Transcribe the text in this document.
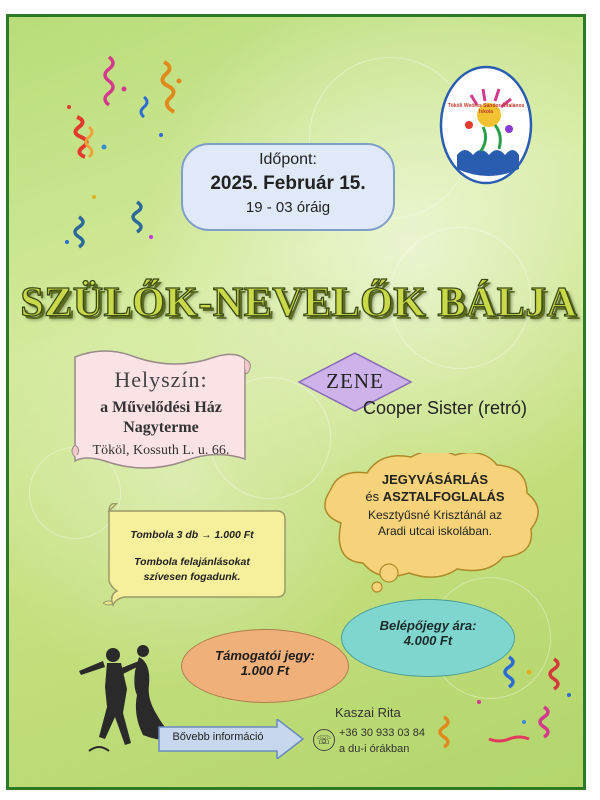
Tököli Weöres Sándor Általános Iskola
Időpont:
2025. Február 15.
19 - 03 óráig
SZÜLŐK-NEVELŐK BÁLJA
Helyszín:
a Művelődési Ház
Nagyterme
Tököl, Kossuth L. u. 66.
ZENE
Cooper Sister (retró)
JEGYVÁSÁRLÁS
és ASZTALFOGLALÁS
Kesztyűsné Krisztánál az
Aradi utcai iskolában.
Tombola 3 db → 1.000 Ft
Tombola felajánlásokat
szívesen fogadunk.
Belépőjegy ára:
4.000 Ft
Támogatói jegy:
1.000 Ft
Bővebb információ
Kaszai Rita
☏ +36 30 933 03 84
a du-i órákban
